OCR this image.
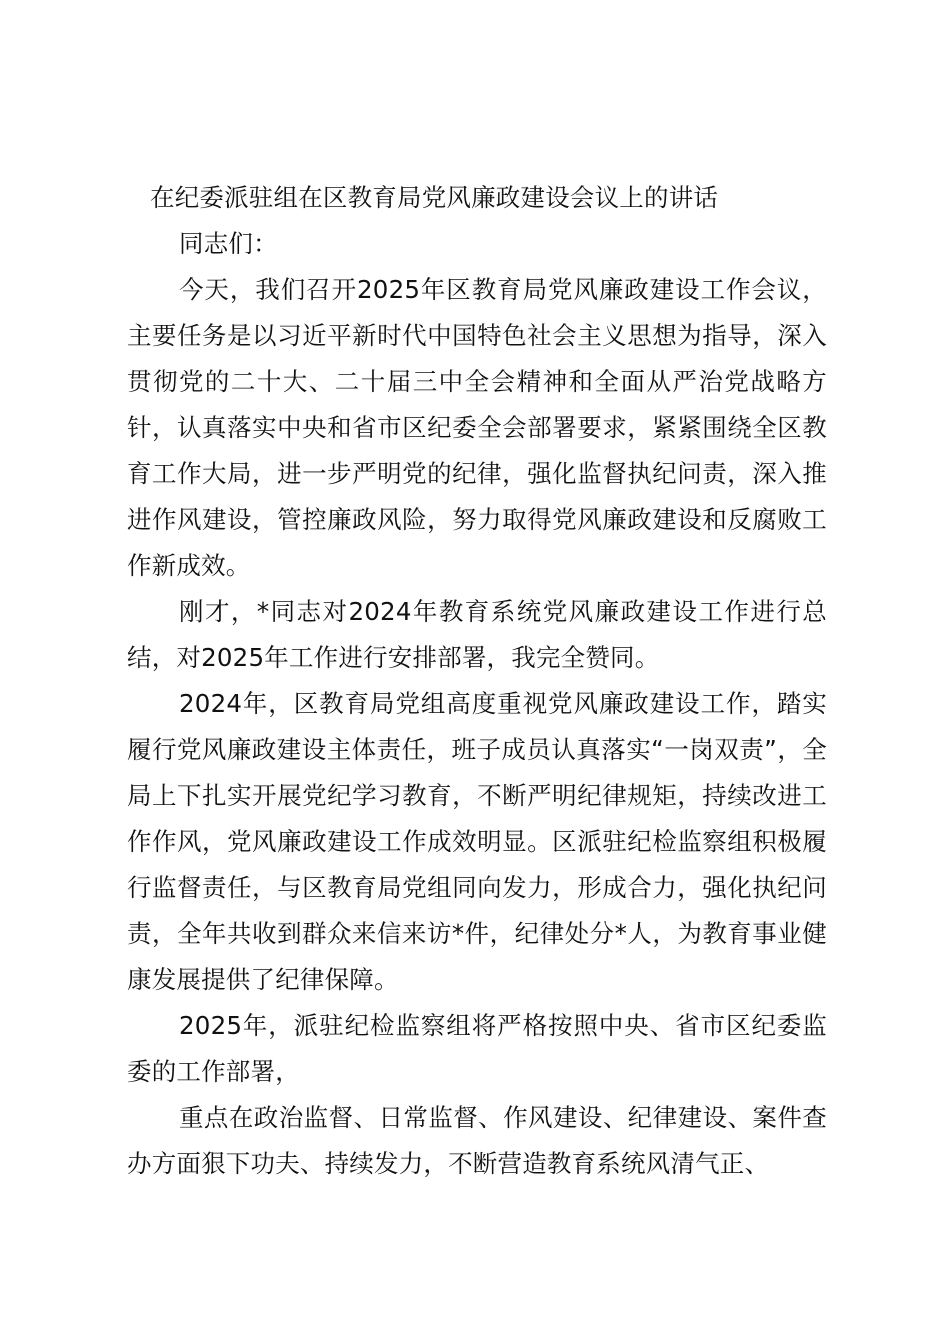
在纪委派驻组在区教育局党风廉政建设会议上的讲话

同志们：

今天，我们召开2025年区教育局党风廉政建设工作会议，主要任务是以习近平新时代中国特色社会主义思想为指导，深入贯彻党的二十大、二十届三中全会精神和全面从严治党战略方针，认真落实中央和省市区纪委全会部署要求，紧紧围绕全区教育工作大局，进一步严明党的纪律，强化监督执纪问责，深入推进作风建设，管控廉政风险，努力取得党风廉政建设和反腐败工作新成效。

刚才，*同志对2024年教育系统党风廉政建设工作进行总结，对2025年工作进行安排部署，我完全赞同。

2024年，区教育局党组高度重视党风廉政建设工作，踏实履行党风廉政建设主体责任，班子成员认真落实“一岗双责”，全局上下扎实开展党纪学习教育，不断严明纪律规矩，持续改进工作作风，党风廉政建设工作成效明显。区派驻纪检监察组积极履行监督责任，与区教育局党组同向发力，形成合力，强化执纪问责，全年共收到群众来信来访*件，纪律处分*人，为教育事业健康发展提供了纪律保障。

2025年，派驻纪检监察组将严格按照中央、省市区纪委监委的工作部署，

重点在政治监督、日常监督、作风建设、纪律建设、案件查办方面狠下功夫、持续发力，不断营造教育系统风清气正、
